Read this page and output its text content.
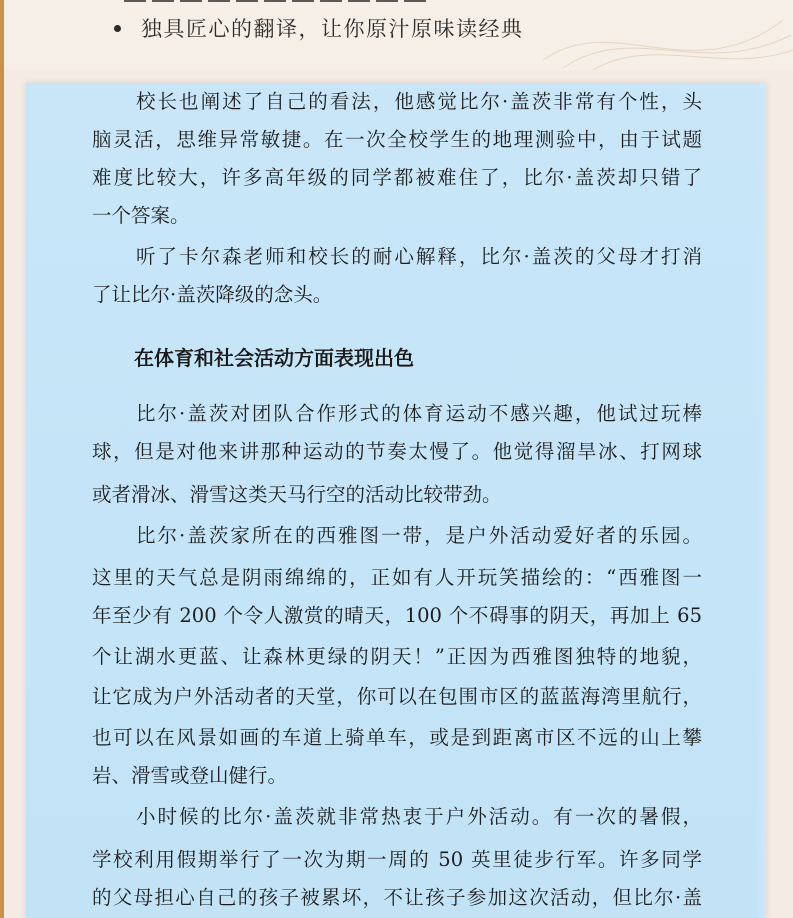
独具匠心的翻译，让你原汁原味读经典
校长也阐述了自己的看法，他感觉比尔·盖茨非常有个性，头
脑灵活，思维异常敏捷。在一次全校学生的地理测验中，由于试题
难度比较大，许多高年级的同学都被难住了，比尔·盖茨却只错了
一个答案。
听了卡尔森老师和校长的耐心解释，比尔·盖茨的父母才打消
了让比尔·盖茨降级的念头。
在体育和社会活动方面表现出色
比尔·盖茨对团队合作形式的体育运动不感兴趣，他试过玩棒
球，但是对他来讲那种运动的节奏太慢了。他觉得溜旱冰、打网球
或者滑冰、滑雪这类天马行空的活动比较带劲。
比尔·盖茨家所在的西雅图一带，是户外活动爱好者的乐园。
这里的天气总是阴雨绵绵的，正如有人开玩笑描绘的：“西雅图一
年至少有 200 个令人激赏的晴天，100 个不碍事的阴天，再加上 65
个让湖水更蓝、让森林更绿的阴天！”正因为西雅图独特的地貌，
让它成为户外活动者的天堂，你可以在包围市区的蓝蓝海湾里航行，
也可以在风景如画的车道上骑单车，或是到距离市区不远的山上攀
岩、滑雪或登山健行。
小时候的比尔·盖茨就非常热衷于户外活动。有一次的暑假，
学校利用假期举行了一次为期一周的 50 英里徒步行军。许多同学
的父母担心自己的孩子被累坏，不让孩子参加这次活动，但比尔·盖
